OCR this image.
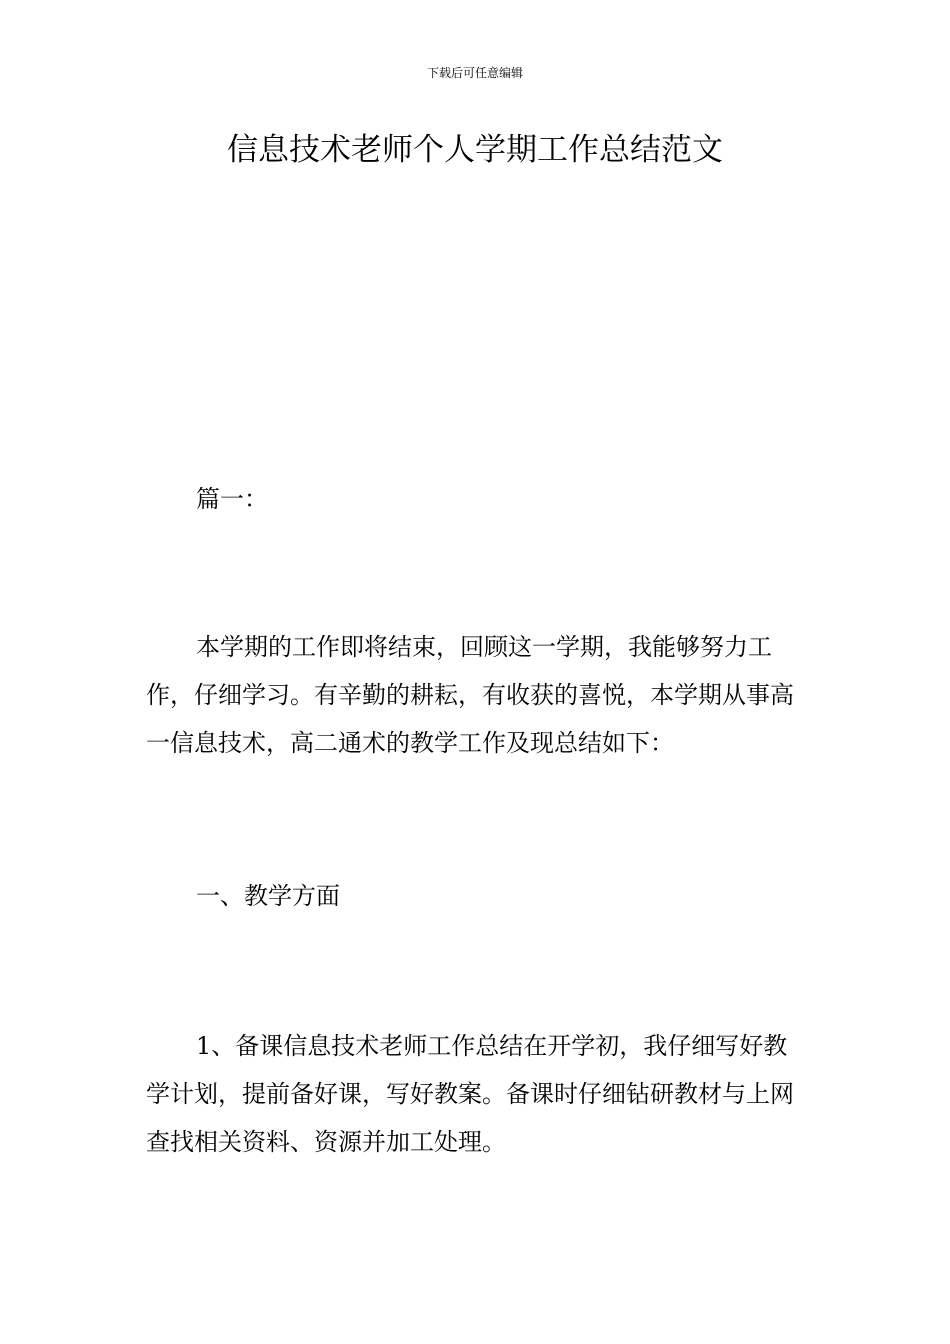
下载后可任意编辑
信息技术老师个人学期工作总结范文

篇一：

本学期的工作即将结束，回顾这一学期，我能够努力工作，仔细学习。有辛勤的耕耘，有收获的喜悦，本学期从事高一信息技术，高二通术的教学工作及现总结如下：

一、教学方面

1、备课信息技术老师工作总结在开学初，我仔细写好教学计划，提前备好课，写好教案。备课时仔细钻研教材与上网查找相关资料、资源并加工处理。
